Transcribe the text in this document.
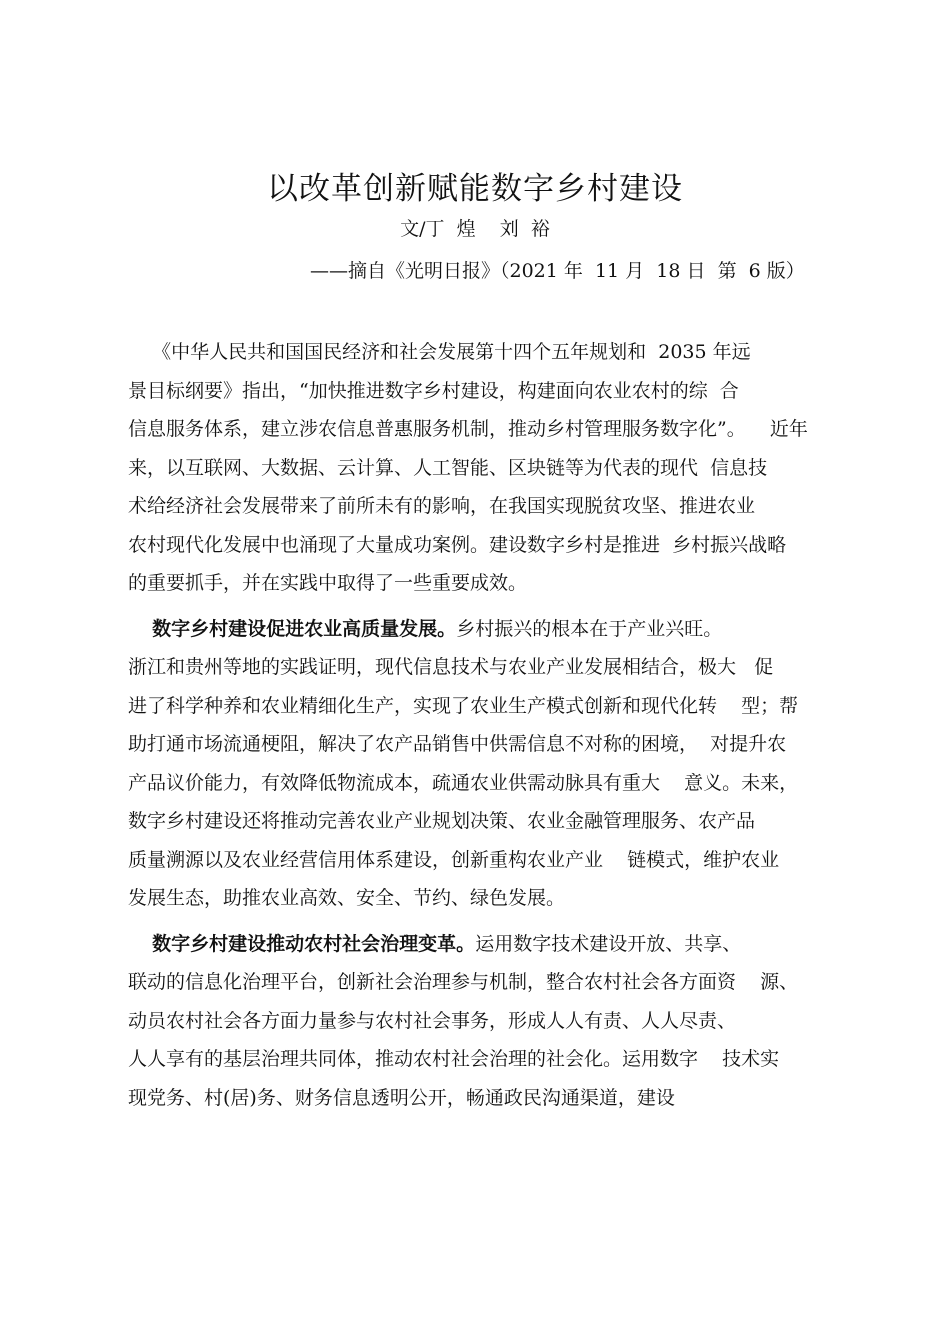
以改革创新赋能数字乡村建设
文/丁  煌    刘  裕
——摘自《光明日报》（2021 年  11 月  18 日  第  6 版）

《中华人民共和国国民经济和社会发展第十四个五年规划和  2035 年远
景目标纲要》指出，“加快推进数字乡村建设，构建面向农业农村的综  合
信息服务体系，建立涉农信息普惠服务机制，推动乡村管理服务数字化”。    近年
来，以互联网、大数据、云计算、人工智能、区块链等为代表的现代  信息技
术给经济社会发展带来了前所未有的影响，在我国实现脱贫攻坚、推进农业
农村现代化发展中也涌现了大量成功案例。建设数字乡村是推进  乡村振兴战略
的重要抓手，并在实践中取得了一些重要成效。

数字乡村建设促进农业高质量发展。乡村振兴的根本在于产业兴旺。
浙江和贵州等地的实践证明，现代信息技术与农业产业发展相结合，极大   促
进了科学种养和农业精细化生产，实现了农业生产模式创新和现代化转    型；帮
助打通市场流通梗阻，解决了农产品销售中供需信息不对称的困境，  对提升农
产品议价能力，有效降低物流成本，疏通农业供需动脉具有重大    意义。未来，
数字乡村建设还将推动完善农业产业规划决策、农业金融管理服务、农产品
质量溯源以及农业经营信用体系建设，创新重构农业产业    链模式，维护农业
发展生态，助推农业高效、安全、节约、绿色发展。

数字乡村建设推动农村社会治理变革。运用数字技术建设开放、共享、
联动的信息化治理平台，创新社会治理参与机制，整合农村社会各方面资    源、
动员农村社会各方面力量参与农村社会事务，形成人人有责、人人尽责、
人人享有的基层治理共同体，推动农村社会治理的社会化。运用数字    技术实
现党务、村(居)务、财务信息透明公开，畅通政民沟通渠道，建设
